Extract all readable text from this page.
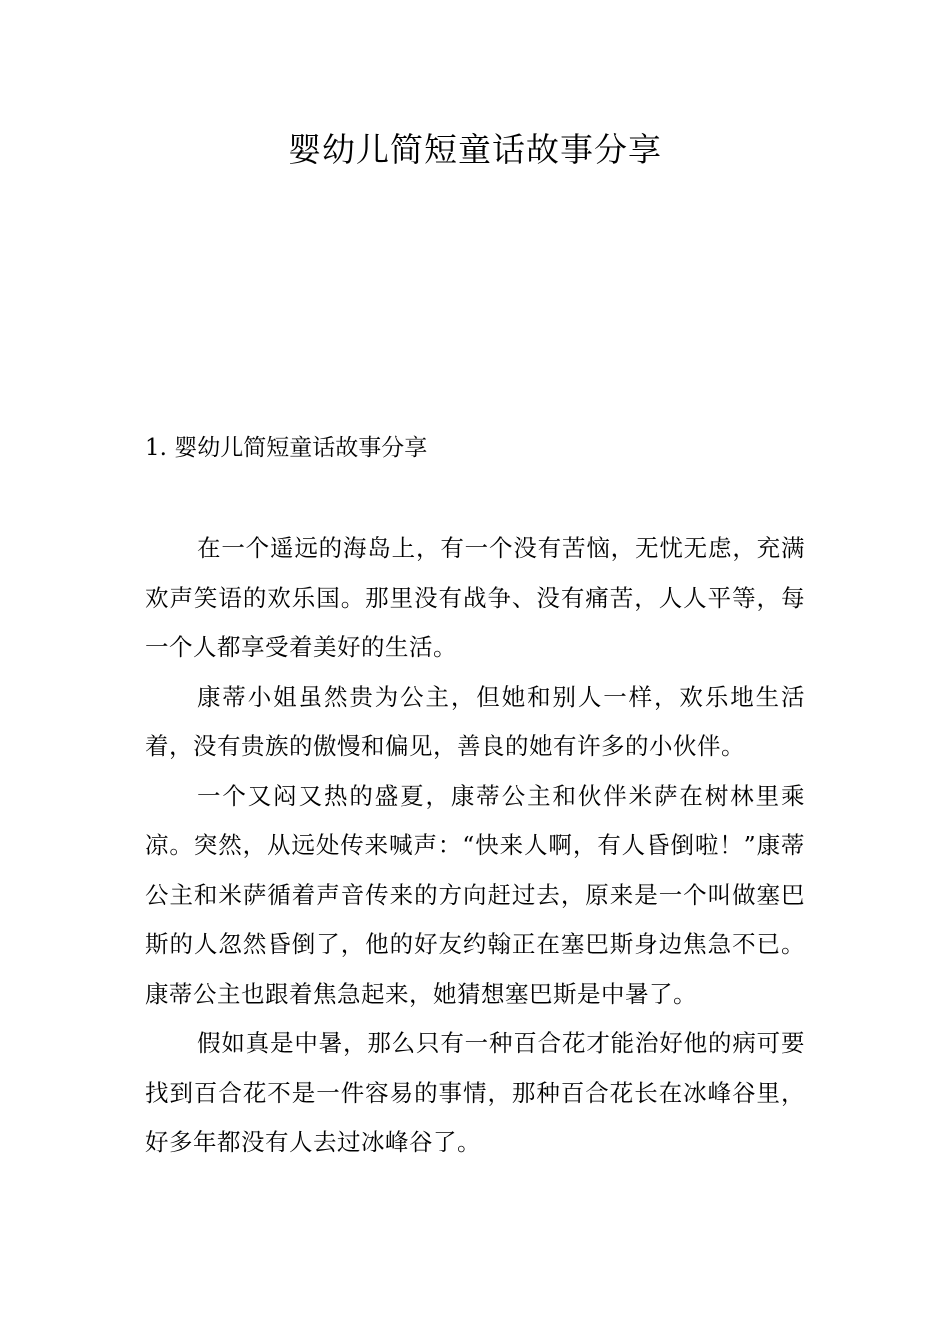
婴幼儿简短童话故事分享
1. 婴幼儿简短童话故事分享

在一个遥远的海岛上，有一个没有苦恼，无忧无虑，充满欢声笑语的欢乐国。那里没有战争、没有痛苦，人人平等，每一个人都享受着美好的生活。

康蒂小姐虽然贵为公主，但她和别人一样，欢乐地生活着，没有贵族的傲慢和偏见，善良的她有许多的小伙伴。

一个又闷又热的盛夏，康蒂公主和伙伴米萨在树林里乘凉。突然，从远处传来喊声：“快来人啊，有人昏倒啦！”康蒂公主和米萨循着声音传来的方向赶过去，原来是一个叫做塞巴斯的人忽然昏倒了，他的好友约翰正在塞巴斯身边焦急不已。康蒂公主也跟着焦急起来，她猜想塞巴斯是中暑了。

假如真是中暑，那么只有一种百合花才能治好他的病可要找到百合花不是一件容易的事情，那种百合花长在冰峰谷里，好多年都没有人去过冰峰谷了。
